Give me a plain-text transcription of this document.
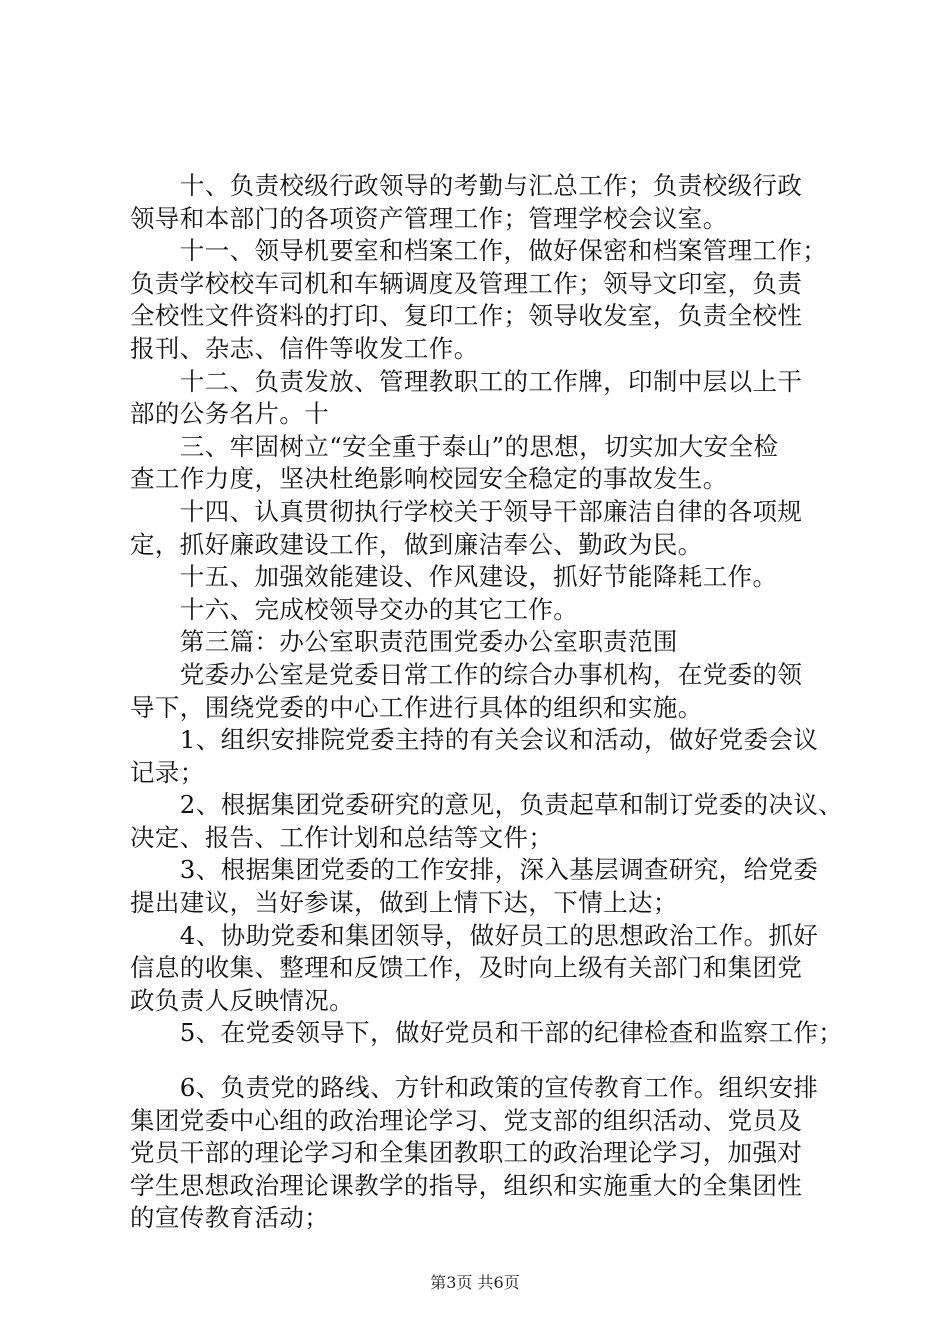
　　十、负责校级行政领导的考勤与汇总工作；负责校级行政
领导和本部门的各项资产管理工作；管理学校会议室。
　　十一、领导机要室和档案工作，做好保密和档案管理工作；
负责学校校车司机和车辆调度及管理工作；领导文印室，负责
全校性文件资料的打印、复印工作；领导收发室，负责全校性
报刊、杂志、信件等收发工作。
　　十二、负责发放、管理教职工的工作牌，印制中层以上干
部的公务名片。十
　　三、牢固树立“安全重于泰山”的思想，切实加大安全检
查工作力度，坚决杜绝影响校园安全稳定的事故发生。
　　十四、认真贯彻执行学校关于领导干部廉洁自律的各项规
定，抓好廉政建设工作，做到廉洁奉公、勤政为民。
　　十五、加强效能建设、作风建设，抓好节能降耗工作。
　　十六、完成校领导交办的其它工作。
　　第三篇：办公室职责范围党委办公室职责范围
　　党委办公室是党委日常工作的综合办事机构，在党委的领
导下，围绕党委的中心工作进行具体的组织和实施。
　　1、组织安排院党委主持的有关会议和活动，做好党委会议
记录；
　　2、根据集团党委研究的意见，负责起草和制订党委的决议、
决定、报告、工作计划和总结等文件；
　　3、根据集团党委的工作安排，深入基层调查研究，给党委
提出建议，当好参谋，做到上情下达，下情上达；
　　4、协助党委和集团领导，做好员工的思想政治工作。抓好
信息的收集、整理和反馈工作，及时向上级有关部门和集团党
政负责人反映情况。
　　5、在党委领导下，做好党员和干部的纪律检查和监察工作；
　　6、负责党的路线、方针和政策的宣传教育工作。组织安排
集团党委中心组的政治理论学习、党支部的组织活动、党员及
党员干部的理论学习和全集团教职工的政治理论学习，加强对
学生思想政治理论课教学的指导，组织和实施重大的全集团性
的宣传教育活动；
第3页 共6页
